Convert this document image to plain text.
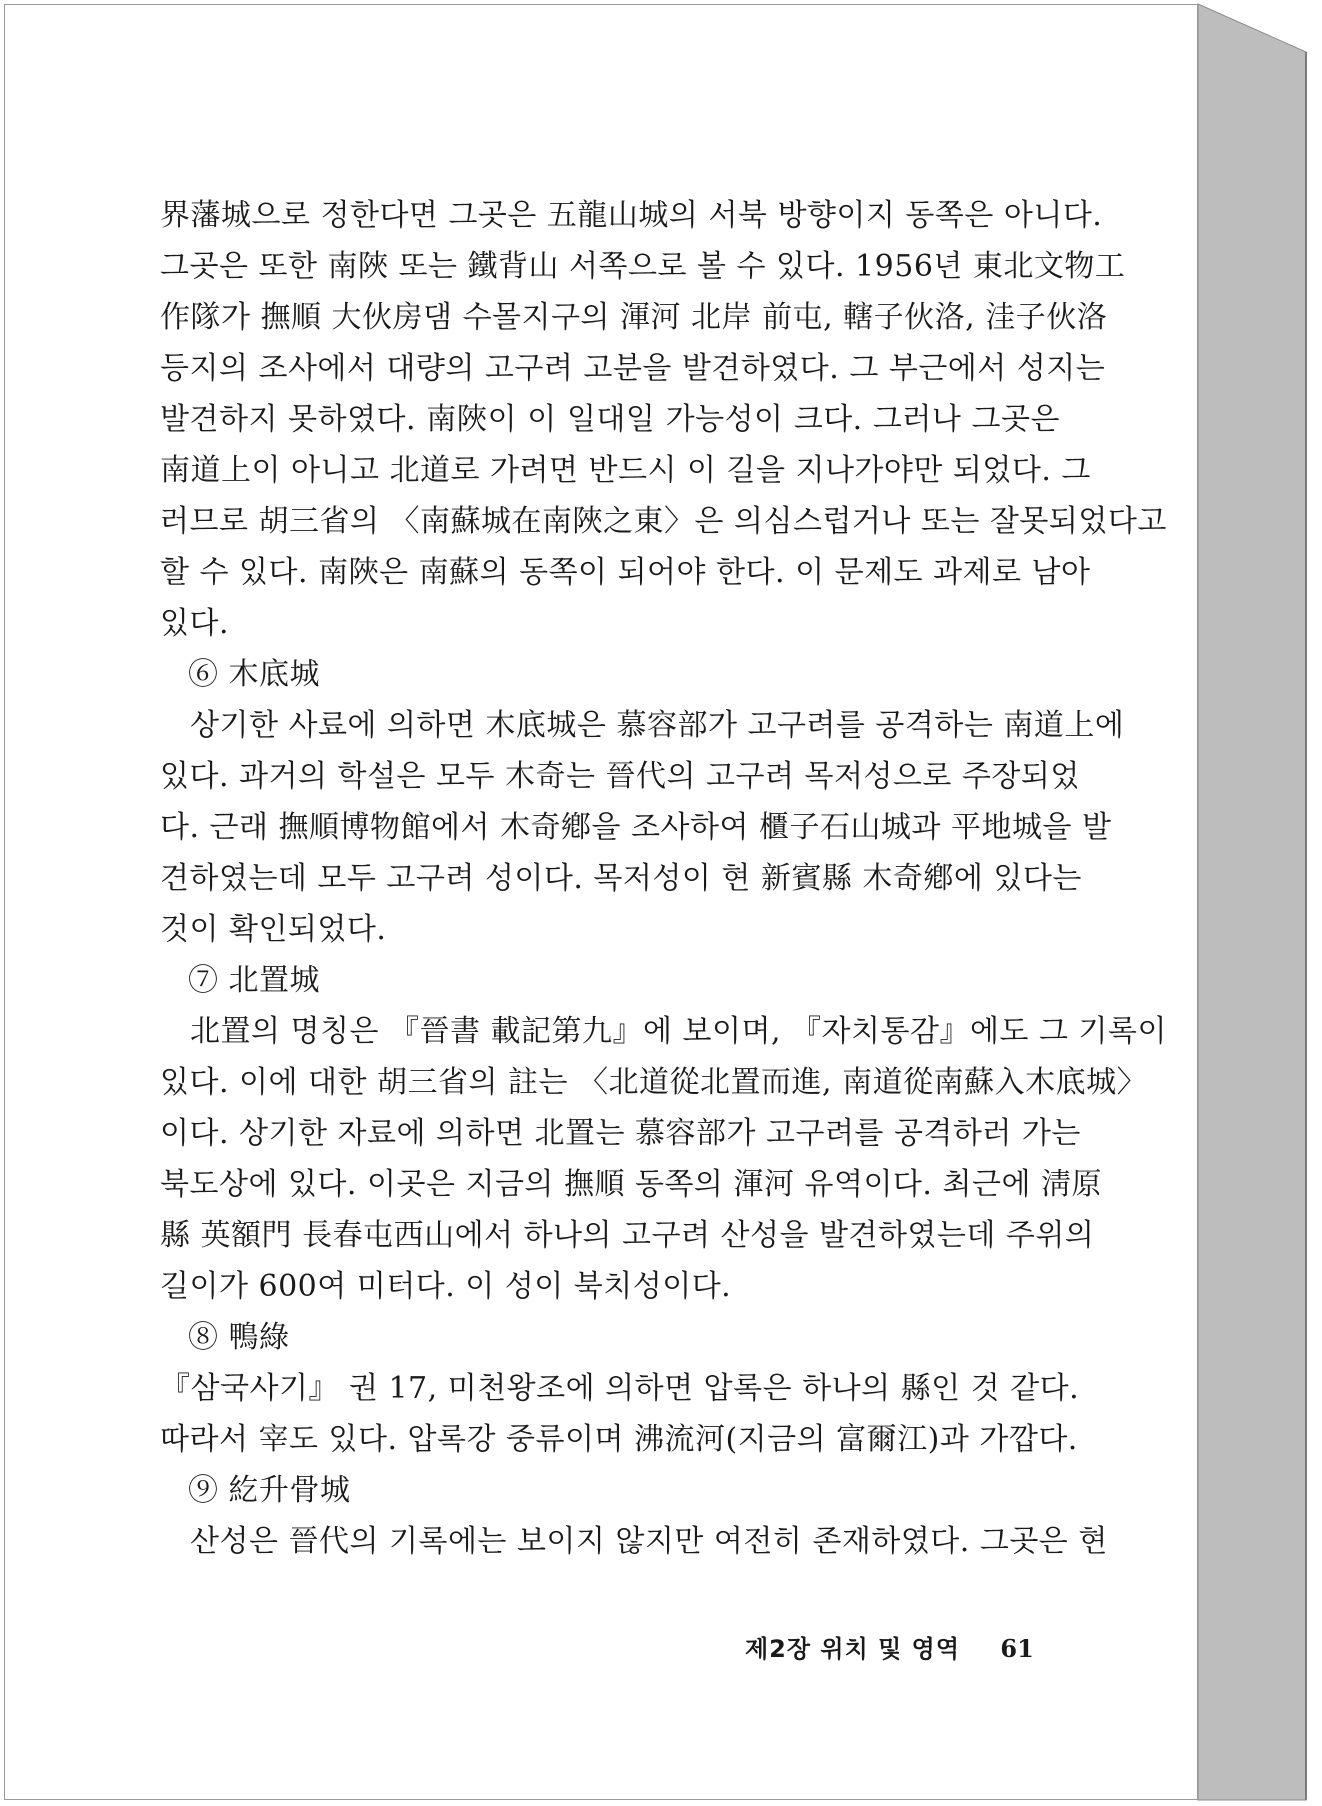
界藩城으로 정한다면 그곳은 五龍山城의 서북 방향이지 동쪽은 아니다.
그곳은 또한 南陜 또는 鐵背山 서쪽으로 볼 수 있다. 1956년 東北文物工
作隊가 撫順 大伙房댐 수몰지구의 渾河 北岸 前屯, 轄子伙洛, 洼子伙洛
등지의 조사에서 대량의 고구려 고분을 발견하였다. 그 부근에서 성지는
발견하지 못하였다. 南陜이 이 일대일 가능성이 크다. 그러나 그곳은
南道上이 아니고 北道로 가려면 반드시 이 길을 지나가야만 되었다. 그
러므로 胡三省의 〈南蘇城在南陜之東〉은 의심스럽거나 또는 잘못되었다고
할 수 있다. 南陜은 南蘇의 동쪽이 되어야 한다. 이 문제도 과제로 남아
있다.
⑥ 木底城
상기한 사료에 의하면 木底城은 慕容部가 고구려를 공격하는 南道上에
있다. 과거의 학설은 모두 木奇는 晉代의 고구려 목저성으로 주장되었
다. 근래 撫順博物館에서 木奇鄕을 조사하여 櫃子石山城과 平地城을 발
견하였는데 모두 고구려 성이다. 목저성이 현 新賓縣 木奇鄕에 있다는
것이 확인되었다.
⑦ 北置城
北置의 명칭은 『晉書 載記第九』에 보이며, 『자치통감』에도 그 기록이
있다. 이에 대한 胡三省의 註는 〈北道從北置而進, 南道從南蘇入木底城〉
이다. 상기한 자료에 의하면 北置는 慕容部가 고구려를 공격하러 가는
북도상에 있다. 이곳은 지금의 撫順 동쪽의 渾河 유역이다. 최근에 淸原
縣 英額門 長春屯西山에서 하나의 고구려 산성을 발견하였는데 주위의
길이가 600여 미터다. 이 성이 북치성이다.
⑧ 鴨綠
『삼국사기』 권 17, 미천왕조에 의하면 압록은 하나의 縣인 것 같다.
따라서 宰도 있다. 압록강 중류이며 沸流河(지금의 富爾江)과 가깝다.
⑨ 紇升骨城
산성은 晉代의 기록에는 보이지 않지만 여전히 존재하였다. 그곳은 현
제2장 위치 및 영역 61
